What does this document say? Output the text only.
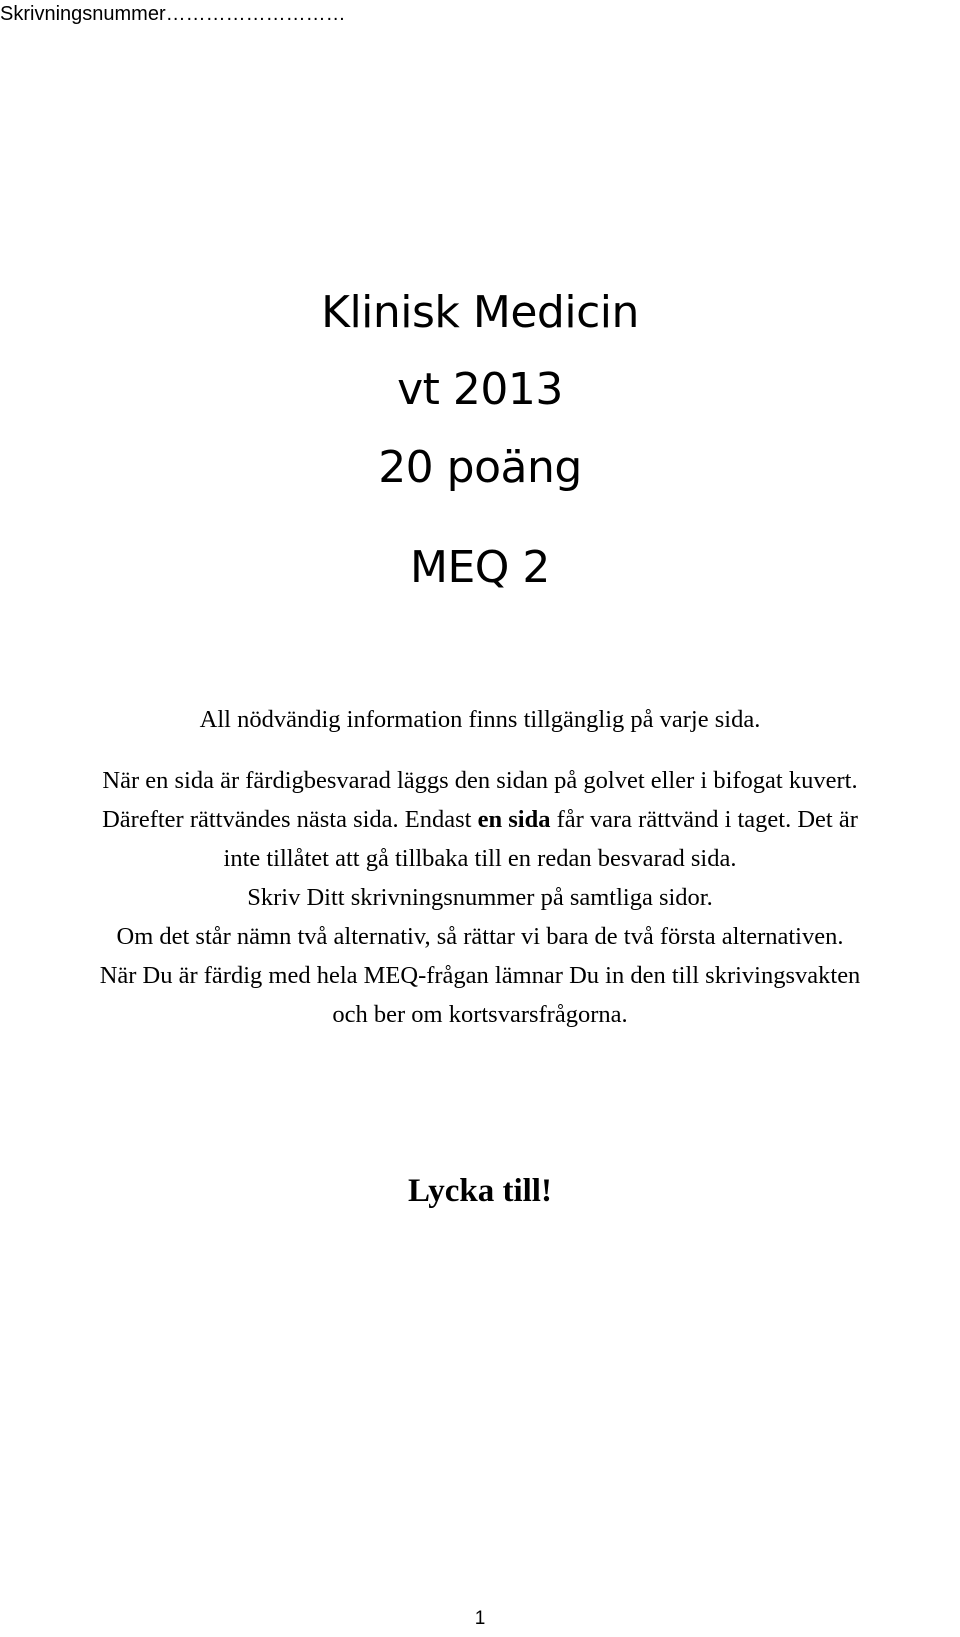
Skrivningsnummer………………………
Klinisk Medicin
vt 2013
20 poäng
MEQ 2
All nödvändig information finns tillgänglig på varje sida.
När en sida är färdigbesvarad läggs den sidan på golvet eller i bifogat kuvert.
Därefter rättvändes nästa sida. Endast en sida får vara rättvänd i taget. Det är
inte tillåtet att gå tillbaka till en redan besvarad sida.
Skriv Ditt skrivningsnummer på samtliga sidor.
Om det står nämn två alternativ, så rättar vi bara de två första alternativen.
När Du är färdig med hela MEQ-frågan lämnar Du in den till skrivingsvakten
och ber om kortsvarsfrågorna.
Lycka till!
1
